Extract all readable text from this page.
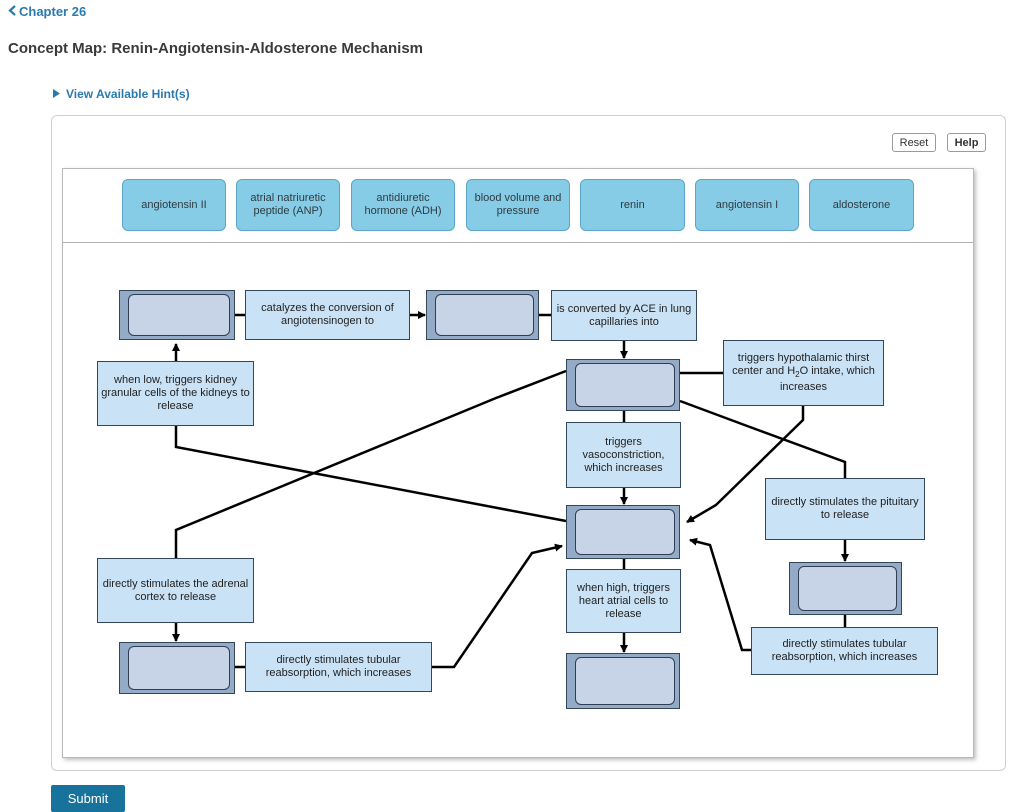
Chapter 26
Concept Map: Renin-Angiotensin-Aldosterone Mechanism
View Available Hint(s)
Reset	Help
angiotensin II
atrial natriuretic peptide (ANP)
antidiuretic hormone (ADH)
blood volume and pressure
renin	angiotensin I	aldosterone
catalyzes the conversion of angiotensinogen to
is converted by ACE in lung capillaries into
when low, triggers kidney granular cells of the kidneys to release
triggers hypothalamic thirst center and $H_2O$ intake, which increases
triggers vasoconstriction, which increases
directly stimulates the pituitary to release
directly stimulates the adrenal cortex to release
when high, triggers heart atrial cells to release
directly stimulates tubular reabsorption, which increases
directly stimulates tubular reabsorption, which increases
Submit
